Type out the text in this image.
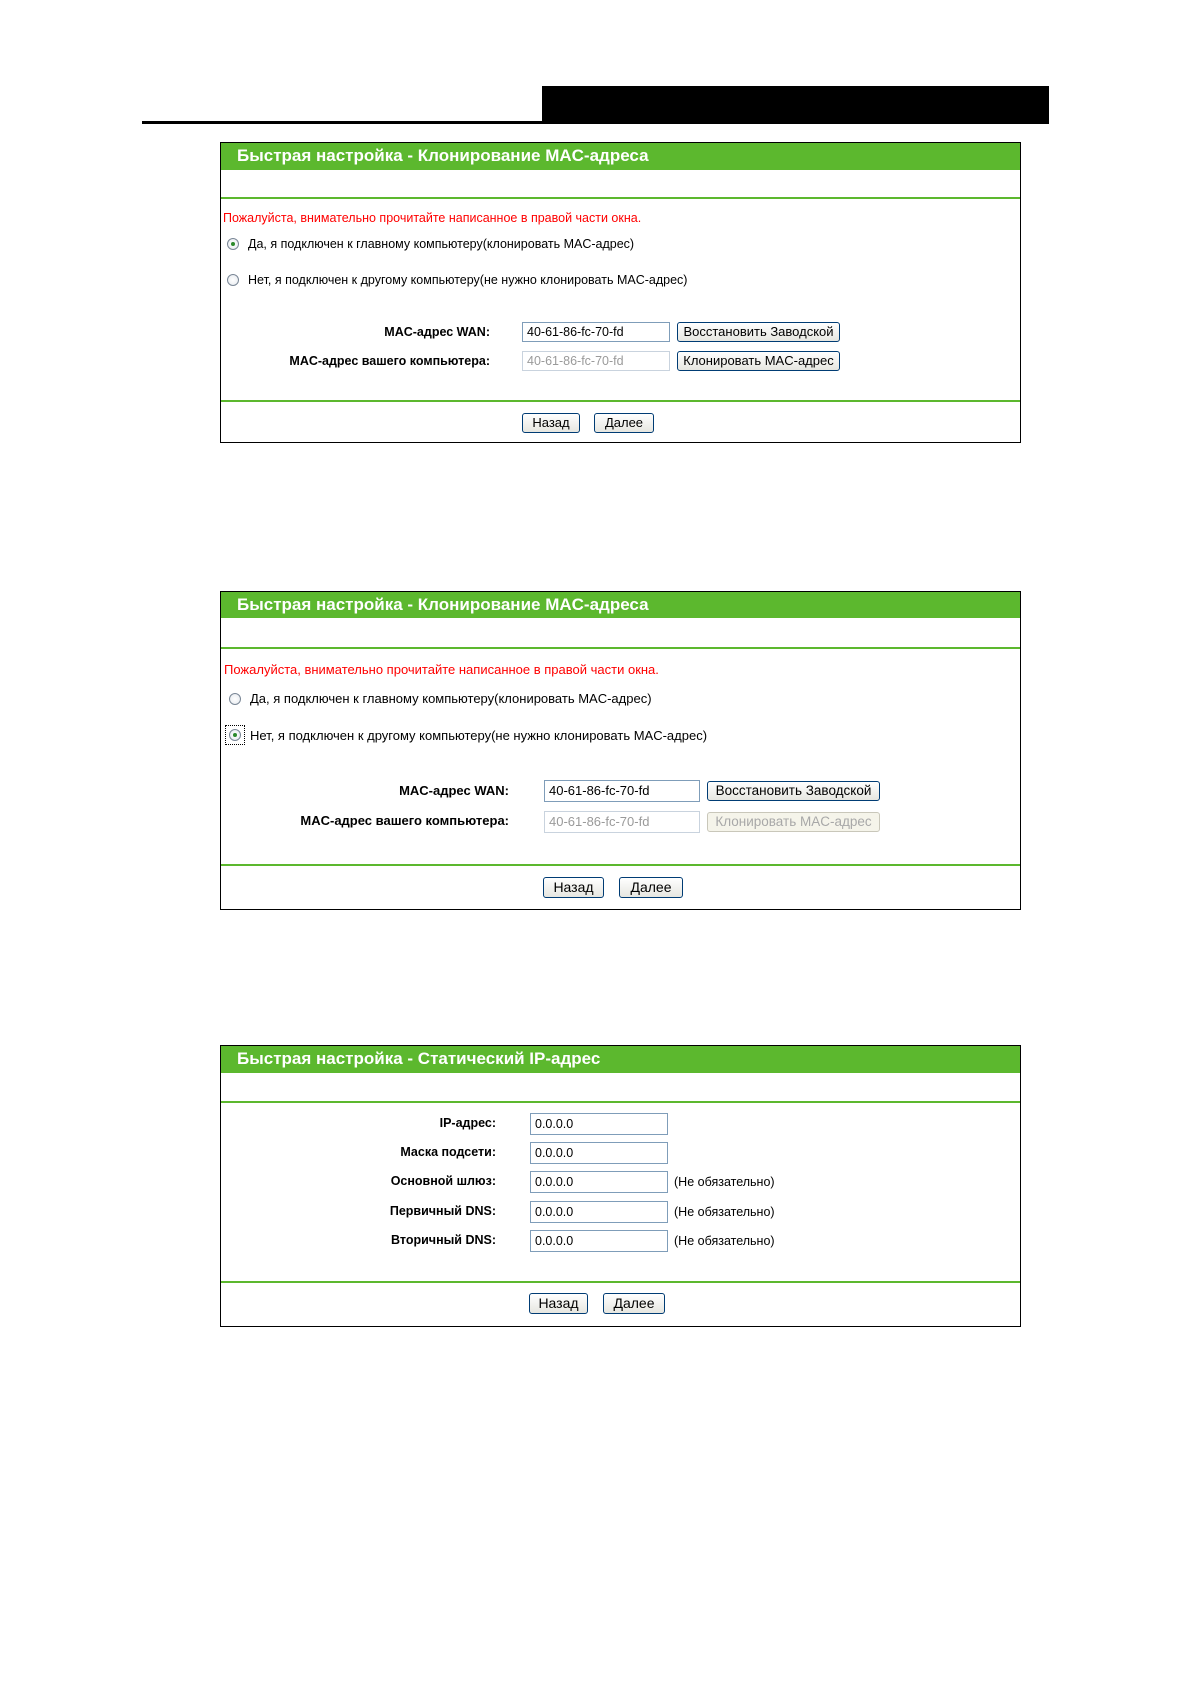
Быстрая настройка - Клонирование MAC-адреса
Пожалуйста, внимательно прочитайте написанное в правой части окна.
Да, я подключен к главному компьютеру(клонировать MAC-адрес)
Нет, я подключен к другому компьютеру(не нужно клонировать MAC-адрес)
MAC-адрес WAN:	40-61-86-fc-70-fd	Восстановить Заводской
MAC-адрес вашего компьютера:	40-61-86-fc-70-fd	Клонировать MAC-адрес
Назад	Далее
Быстрая настройка - Клонирование MAC-адреса
Пожалуйста, внимательно прочитайте написанное в правой части окна.
Да, я подключен к главному компьютеру(клонировать MAC-адрес)
Нет, я подключен к другому компьютеру(не нужно клонировать MAC-адрес)
MAC-адрес WAN:	40-61-86-fc-70-fd	Восстановить Заводской
MAC-адрес вашего компьютера:	40-61-86-fc-70-fd	Клонировать MAC-адрес
Назад	Далее
Быстрая настройка - Статический IP-адрес
IP-адрес:	0.0.0.0
Маска подсети:	0.0.0.0
Основной шлюз:	0.0.0.0	(Не обязательно)
Первичный DNS:	0.0.0.0	(Не обязательно)
Вторичный DNS:	0.0.0.0	(Не обязательно)
Назад	Далее
